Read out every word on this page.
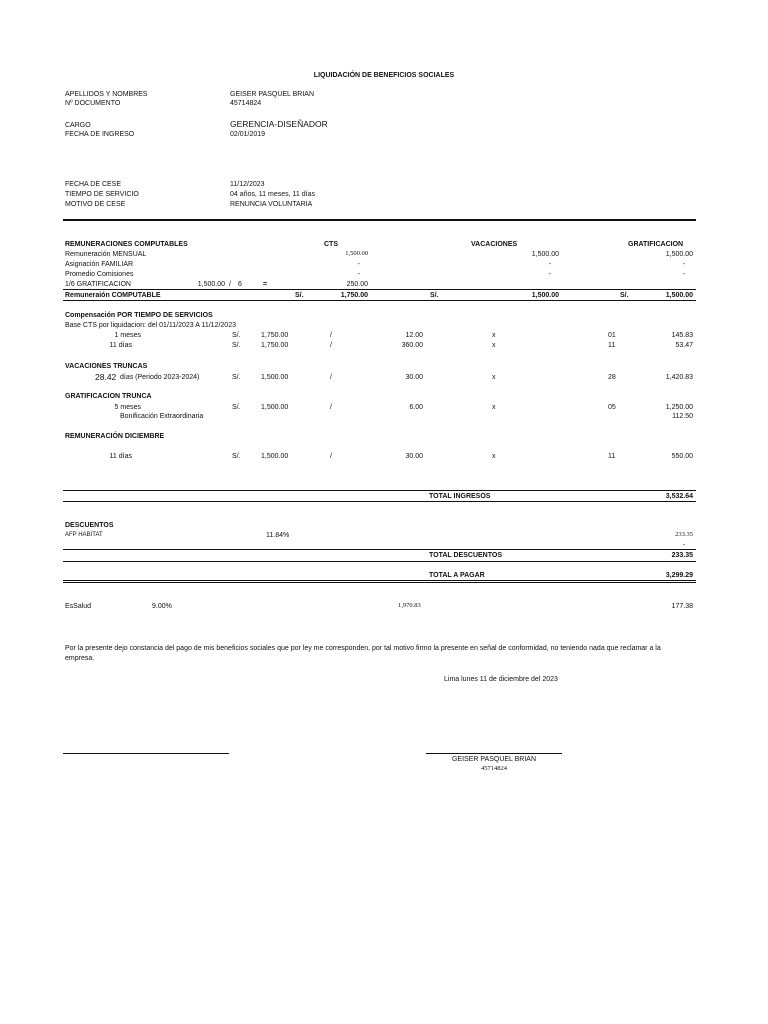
LIQUIDACIÓN DE BENEFICIOS SOCIALES
APELLIDOS Y NOMBRES	GEISER PASQUEL BRIAN
Nº DOCUMENTO	45714824
CARGO	GERENCIA-DISEÑADOR
FECHA DE INGRESO	02/01/2019
FECHA DE CESE	11/12/2023
TIEMPO DE SERVICIO	04 años, 11 meses, 11 días
MOTIVO DE CESE	RENUNCIA VOLUNTARIA
REMUNERACIONES COMPUTABLES	CTS	VACACIONES	GRATIFICACION
Remuneración MENSUAL	1,500.00	1,500.00	1,500.00
Asignación FAMILIAR	-	-	-
Promedio Comisiones	-	-	-
1/6 GRATIFICACION	1,500.00 / 6	=	250.00
Remuneraión COMPUTABLE	S/.	1,750.00	S/.	1,500.00	S/.	1,500.00
Compensación POR TIEMPO DE SERVICIOS
Base CTS por liquidacion: del 01/11/2023 A 11/12/2023
1 meses	S/.	1,750.00	/	12.00	x	01	145.83
11 días	S/.	1,750.00	/	360.00	x	11	53.47
VACACIONES TRUNCAS
28.42 días (Periodo 2023-2024)	S/.	1,500.00	/	30.00	x	28	1,420.83
GRATIFICACION TRUNCA
5 meses	S/.	1,500.00	/	6.00	x	05	1,250.00
Bonificación Extraordinaria	112.50
REMUNERACIÓN DICIEMBRE
11 días	S/.	1,500.00	/	30.00	x	11	550.00
TOTAL INGRESOS	3,532.64
DESCUENTOS
AFP HABITAT	11.84%	233.35
-
TOTAL DESCUENTOS	233.35
TOTAL A PAGAR	3,299.29
EsSalud	9.00%	1,970.83	177.38
Por la presente dejo constancia del pago de mis beneficios sociales que por ley me corresponden, por tal motivo firmo la presente en señal de conformidad, no teniendo nada que reclamar a la
empresa.
Lima lunes 11 de diciembre del 2023
GEISER PASQUEL BRIAN
45714824
